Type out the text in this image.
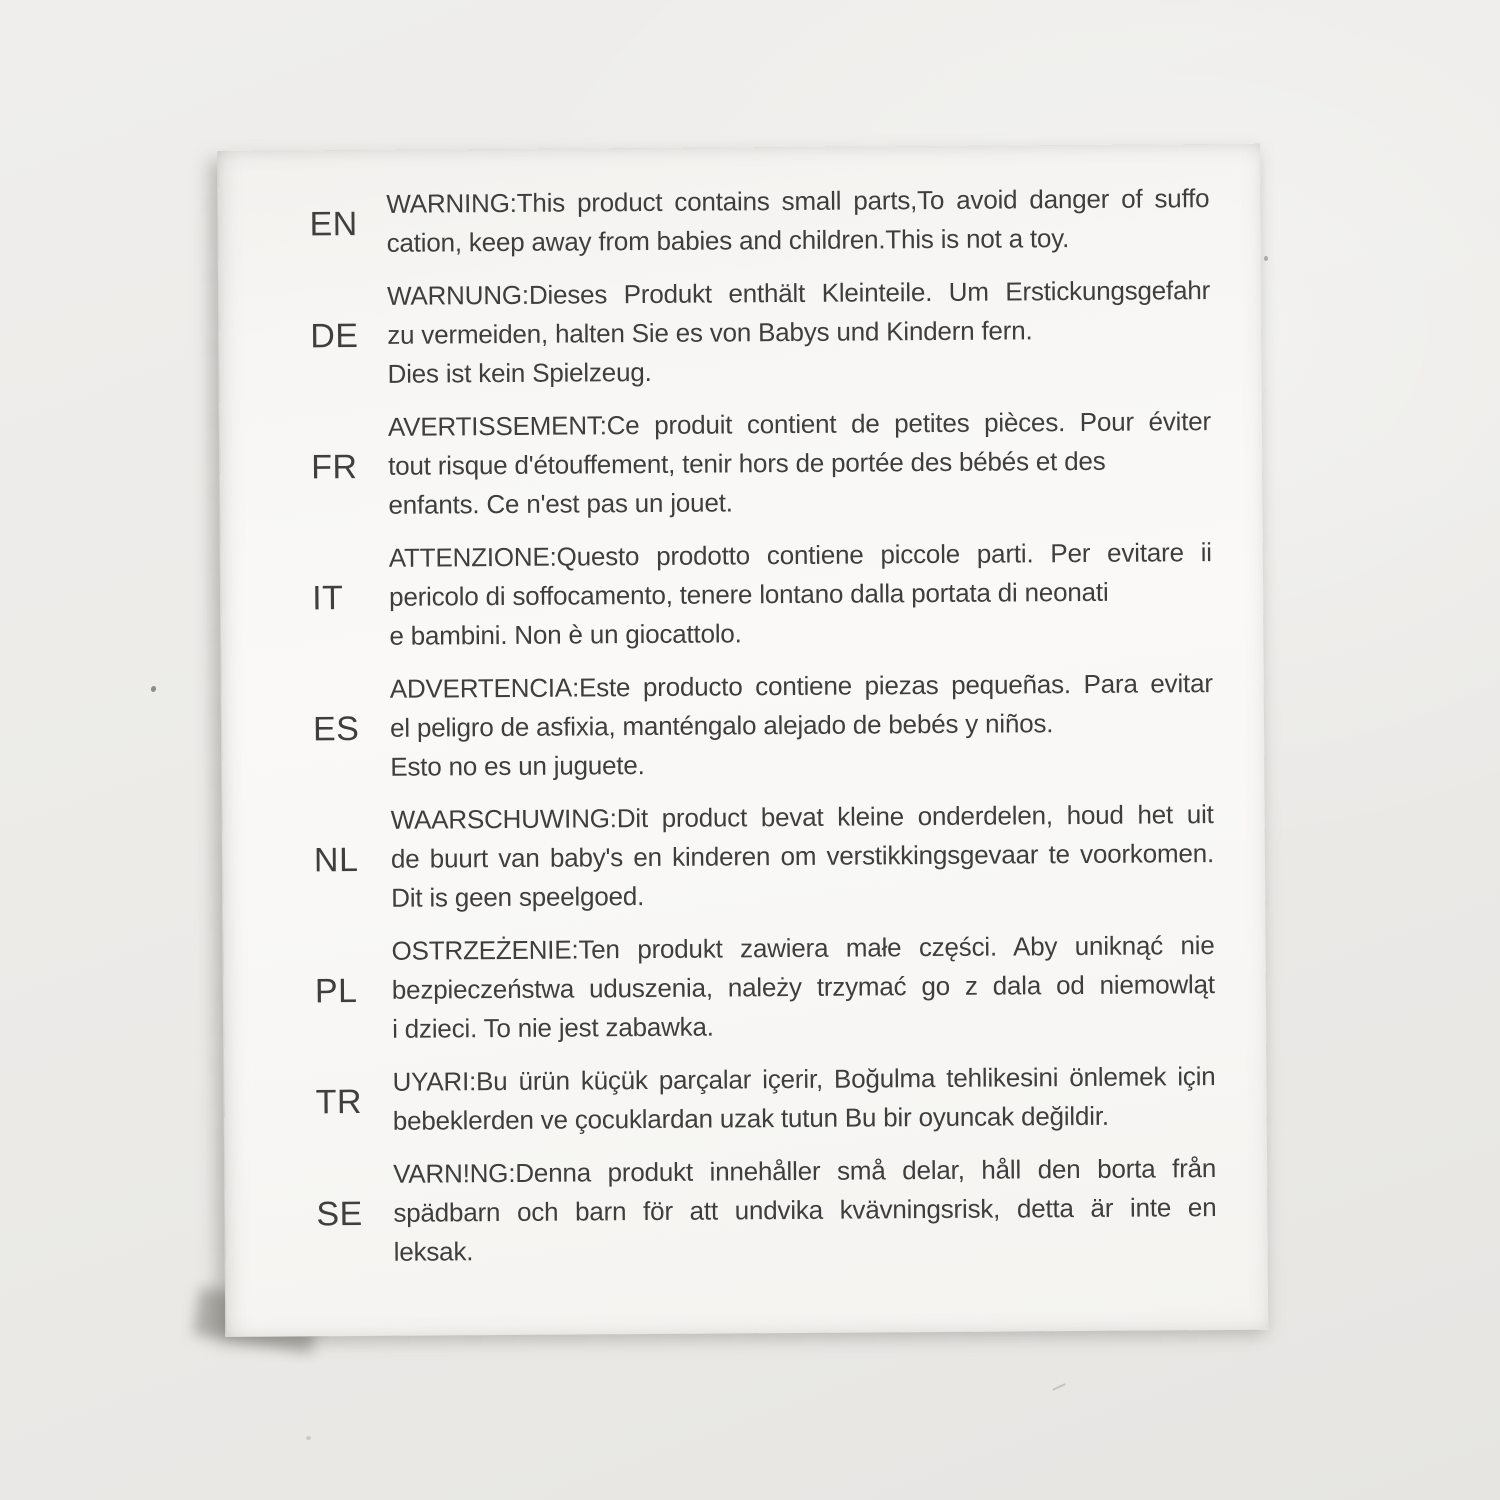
EN
WARNING:This product contains small parts,To avoid danger of suffo
cation, keep away from babies and children.This is not a toy.
DE
WARNUNG:Dieses Produkt enthält Kleinteile. Um Erstickungsgefahr
zu vermeiden, halten Sie es von Babys und Kindern fern.
Dies ist kein Spielzeug.
FR
AVERTISSEMENT:Ce produit contient de petites pièces. Pour éviter
tout risque d'étouffement, tenir hors de portée des bébés et des
enfants. Ce n'est pas un jouet.
IT
ATTENZIONE:Questo prodotto contiene piccole parti. Per evitare ii
pericolo di soffocamento, tenere lontano dalla portata di neonati
e bambini. Non è un giocattolo.
ES
ADVERTENCIA:Este producto contiene piezas pequeñas. Para evitar
el peligro de asfixia, manténgalo alejado de bebés y niños.
Esto no es un juguete.
NL
WAARSCHUWING:Dit product bevat kleine onderdelen, houd het uit
de buurt van baby's en kinderen om verstikkingsgevaar te voorkomen.
Dit is geen speelgoed.
PL
OSTRZEŻENIE:Ten produkt zawiera małe części. Aby uniknąć nie
bezpieczeństwa uduszenia, należy trzymać go z dala od niemowląt
i dzieci. To nie jest zabawka.
TR
UYARI:Bu ürün küçük parçalar içerir, Boğulma tehlikesini önlemek için
bebeklerden ve çocuklardan uzak tutun Bu bir oyuncak değildir.
SE
VARN!NG:Denna produkt innehåller små delar, håll den borta från
spädbarn och barn för att undvika kvävningsrisk, detta är inte en
leksak.
